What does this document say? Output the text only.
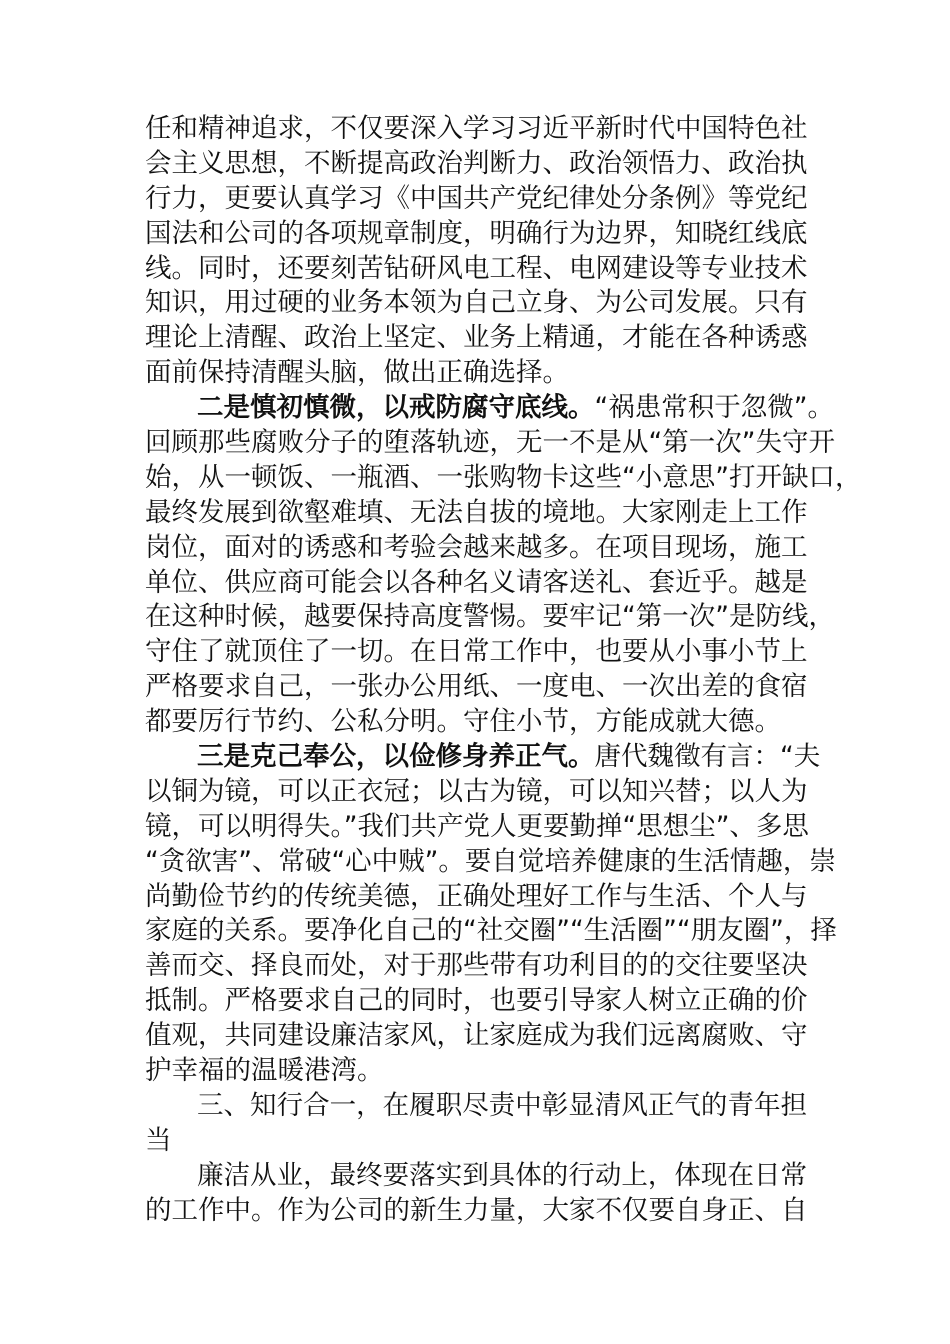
任和精神追求，不仅要深入学习习近平新时代中国特色社
会主义思想，不断提高政治判断力、政治领悟力、政治执
行力，更要认真学习《中国共产党纪律处分条例》等党纪
国法和公司的各项规章制度，明确行为边界，知晓红线底
线。同时，还要刻苦钻研风电工程、电网建设等专业技术
知识，用过硬的业务本领为自己立身、为公司发展。只有
理论上清醒、政治上坚定、业务上精通，才能在各种诱惑
面前保持清醒头脑，做出正确选择。
二是慎初慎微，以戒防腐守底线。“祸患常积于忽微”。
回顾那些腐败分子的堕落轨迹，无一不是从“第一次”失守开
始，从一顿饭、一瓶酒、一张购物卡这些“小意思”打开缺口，
最终发展到欲壑难填、无法自拔的境地。大家刚走上工作
岗位，面对的诱惑和考验会越来越多。在项目现场，施工
单位、供应商可能会以各种名义请客送礼、套近乎。越是
在这种时候，越要保持高度警惕。要牢记“第一次”是防线，
守住了就顶住了一切。在日常工作中，也要从小事小节上
严格要求自己，一张办公用纸、一度电、一次出差的食宿
都要厉行节约、公私分明。守住小节，方能成就大德。
三是克己奉公，以俭修身养正气。唐代魏徵有言：“夫
以铜为镜，可以正衣冠；以古为镜，可以知兴替；以人为
镜，可以明得失。”我们共产党人更要勤掸“思想尘”、多思
“贪欲害”、常破“心中贼”。要自觉培养健康的生活情趣，崇
尚勤俭节约的传统美德，正确处理好工作与生活、个人与
家庭的关系。要净化自己的“社交圈”“生活圈”“朋友圈”，择
善而交、择良而处，对于那些带有功利目的的交往要坚决
抵制。严格要求自己的同时，也要引导家人树立正确的价
值观，共同建设廉洁家风，让家庭成为我们远离腐败、守
护幸福的温暖港湾。
三、知行合一，在履职尽责中彰显清风正气的青年担
当
廉洁从业，最终要落实到具体的行动上，体现在日常
的工作中。作为公司的新生力量，大家不仅要自身正、自
